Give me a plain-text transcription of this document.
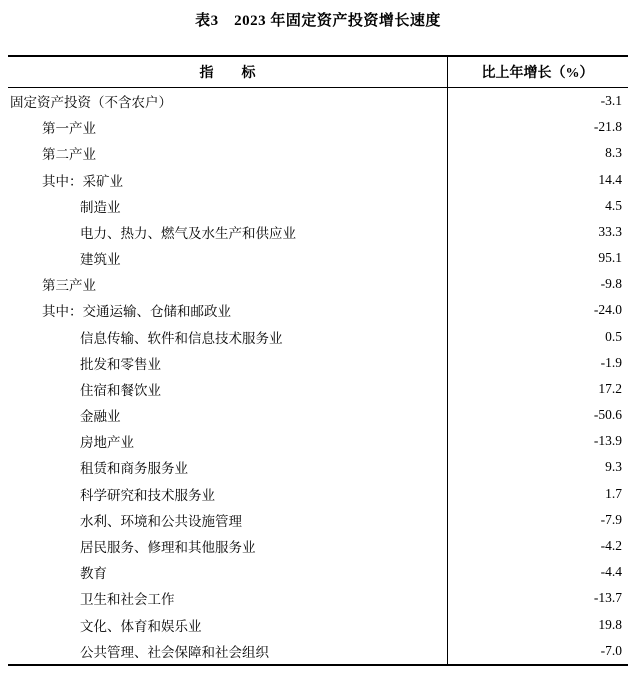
表3　2023 年固定资产投资增长速度
指　　标	比上年增长（%）
固定资产投资（不含农户）	-3.1
第一产业	-21.8
第二产业	8.3
其中：采矿业	14.4
制造业	4.5
电力、热力、燃气及水生产和供应业	33.3
建筑业	95.1
第三产业	-9.8
其中：交通运输、仓储和邮政业	-24.0
信息传输、软件和信息技术服务业	0.5
批发和零售业	-1.9
住宿和餐饮业	17.2
金融业	-50.6
房地产业	-13.9
租赁和商务服务业	9.3
科学研究和技术服务业	1.7
水利、环境和公共设施管理	-7.9
居民服务、修理和其他服务业	-4.2
教育	-4.4
卫生和社会工作	-13.7
文化、体育和娱乐业	19.8
公共管理、社会保障和社会组织	-7.0
